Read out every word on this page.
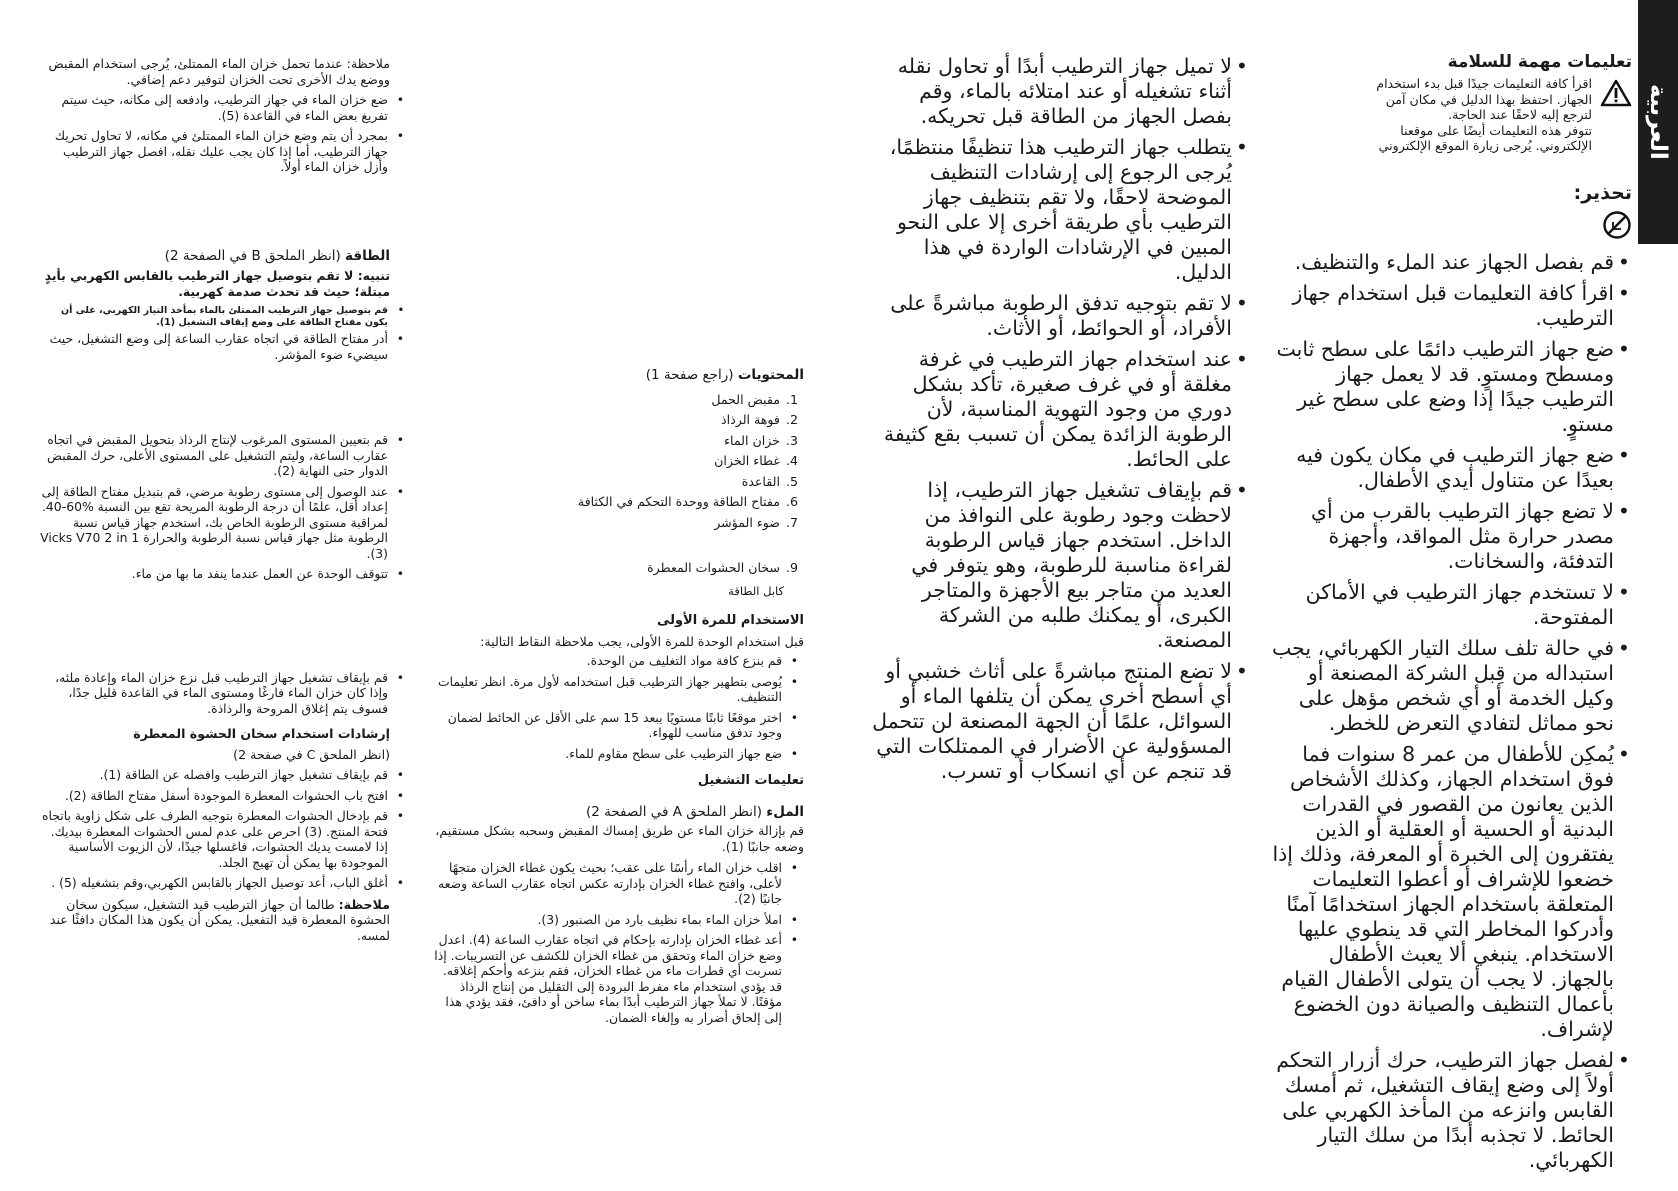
العربية
تعليمات مهمة للسلامة
اقرأ كافة التعليمات جيدًا قبل بدء استخدام
الجهاز. احتفظ بهذا الدليل في مكان آمن
لترجع إليه لاحقًا عند الحاجة.
تتوفر هذه التعليمات أيضًا على موقعنا
الإلكتروني. يُرجى زيارة الموقع الإلكتروني
تحذير:
• قم بفصل الجهاز عند الملء والتنظيف.
• اقرأ كافة التعليمات قبل استخدام جهاز الترطيب.
• ضع جهاز الترطيب دائمًا على سطح ثابت ومسطح ومستوٍ. قد لا يعمل جهاز الترطيب جيدًا إذا وضع على سطح غير مستوٍ.
• ضع جهاز الترطيب في مكان يكون فيه بعيدًا عن متناول أيدي الأطفال.
• لا تضع جهاز الترطيب بالقرب من أي مصدر حرارة مثل المواقد، وأجهزة التدفئة، والسخانات.
• لا تستخدم جهاز الترطيب في الأماكن المفتوحة.
• في حالة تلف سلك التيار الكهربائي، يجب استبداله من قِبل الشركة المصنعة أو وكيل الخدمة أو أي شخص مؤهل على نحو مماثل لتفادي التعرض للخطر.
• يُمكِن للأطفال من عمر 8 سنوات فما فوق استخدام الجهاز، وكذلك الأشخاص الذين يعانون من القصور في القدرات البدنية أو الحسية أو العقلية أو الذين يفتقرون إلى الخبرة أو المعرفة، وذلك إذا خضعوا للإشراف أو أعطوا التعليمات المتعلقة باستخدام الجهاز استخدامًا آمنًا وأدركوا المخاطر التي قد ينطوي عليها الاستخدام. ينبغي ألا يعبث الأطفال بالجهاز. لا يجب أن يتولى الأطفال القيام بأعمال التنظيف والصيانة دون الخضوع لإشراف.
• لفصل جهاز الترطيب، حرك أزرار التحكم أولاً إلى وضع إيقاف التشغيل، ثم أمسك القابس وانزعه من المأخذ الكهربي على الحائط. لا تجذبه أبدًا من سلك التيار الكهربائي.
• لا تميل جهاز الترطيب أبدًا أو تحاول نقله أثناء تشغيله أو عند امتلائه بالماء، وقم بفصل الجهاز من الطاقة قبل تحريكه.
• يتطلب جهاز الترطيب هذا تنظيفًا منتظمًا، يُرجى الرجوع إلى إرشادات التنظيف الموضحة لاحقًا، ولا تقم بتنظيف جهاز الترطيب بأي طريقة أخرى إلا على النحو المبين في الإرشادات الواردة في هذا الدليل.
• لا تقم بتوجيه تدفق الرطوبة مباشرةً على الأفراد، أو الحوائط، أو الأثاث.
• عند استخدام جهاز الترطيب في غرفة مغلقة أو في غرف صغيرة، تأكد بشكل دوري من وجود التهوية المناسبة، لأن الرطوبة الزائدة يمكن أن تسبب بقع كثيفة على الحائط.
• قم بإيقاف تشغيل جهاز الترطيب، إذا لاحظت وجود رطوبة على النوافذ من الداخل. استخدم جهاز قياس الرطوبة لقراءة مناسبة للرطوبة، وهو يتوفر في العديد من متاجر بيع الأجهزة والمتاجر الكبرى، أو يمكنك طلبه من الشركة المصنعة.
• لا تضع المنتج مباشرةً على أثاث خشبي أو أي أسطح أخرى يمكن أن يتلفها الماء أو السوائل، علمًا أن الجهة المصنعة لن تتحمل المسؤولية عن الأضرار في الممتلكات التي قد تنجم عن أي انسكاب أو تسرب.
المحتويات (راجع صفحة 1)
1.مقبض الحمل
2.فوهة الرذاذ
3.خزان الماء
4.غطاء الخزان
5.القاعدة
6.مفتاح الطاقة ووحدة التحكم في الكثافة
7.ضوء المؤشر
9.سخان الحشوات المعطرة
كابل الطاقة
الاستخدام للمرة الأولى
قبل استخدام الوحدة للمرة الأولى، يجب ملاحظة النقاط التالية:
• قم بنزع كافة مواد التغليف من الوحدة.
• يُوصى بتطهير جهاز الترطيب قبل استخدامه لأول مرة. انظر تعليمات التنظيف.
• اختر موقعًا ثابتًا مستويًا يبعد 15 سم على الأقل عن الحائط لضمان وجود تدفق مناسب للهواء.
• ضع جهاز الترطيب على سطح مقاوم للماء.
تعليمات التشغيل
الملء (انظر الملحق A في الصفحة 2)
قم بإزالة خزان الماء عن طريق إمساك المقبض وسحبه بشكل مستقيم، وضعه جانبًا (1).
• اقلب خزان الماء رأسًا على عقب؛ بحيث يكون غطاء الخزان متجهًا لأعلى، وافتح غطاء الخزان بإدارته عكس اتجاه عقارب الساعة وضعه جانبًا (2).
• املأ خزان الماء بماء نظيف بارد من الصنبور (3).
• أعد غطاء الخزان بإدارته بإحكام في اتجاه عقارب الساعة (4). اعدل وضع خزان الماء وتحقق من غطاء الخزان للكشف عن التسريبات. إذا تسربت أي قطرات ماء من غطاء الخزان، فقم بنزعه وأحكم إغلاقه. قد يؤدي استخدام ماء مفرط البرودة إلى التقليل من إنتاج الرذاذ مؤقتًا. لا تملأ جهاز الترطيب أبدًا بماء ساخن أو دافئ، فقد يؤدي هذا إلى إلحاق أضرار به وإلغاء الضمان.
ملاحظة: عندما تحمل خزان الماء الممتلئ، يُرجى استخدام المقبض ووضع يدك الأخرى تحت الخزان لتوفير دعم إضافي.
• ضع خزان الماء في جهاز الترطيب، وادفعه إلى مكانه، حيث سيتم تفريغ بعض الماء في القاعدة (5).
• بمجرد أن يتم وضع خزان الماء الممتلئ في مكانه، لا تحاول تحريك جهاز الترطيب، أما إذا كان يجب عليك نقله، افصل جهاز الترطيب وأزل خزان الماء أولاً.
الطاقة (انظر الملحق B في الصفحة 2)
تنبيه: لا تقم بتوصيل جهاز الترطيب بالقابس الكهربي بأيدٍ مبتلة؛ حيث قد تحدث صدمة كهربية.
• قم بتوصيل جهاز الترطيب الممتلئ بالماء بمأخذ التيار الكهربي، على أن يكون مفتاح الطاقة على وضع إيقاف التشغيل (1).
• أدر مفتاح الطاقة في اتجاه عقارب الساعة إلى وضع التشغيل، حيث سيضيء ضوء المؤشر.
• قم بتعيين المستوى المرغوب لإنتاج الرذاذ بتحويل المقبض في اتجاه عقارب الساعة، وليتم التشغيل على المستوى الأعلى، حرك المقبض الدوار حتى النهاية (2).
• عند الوصول إلى مستوى رطوبة مرضي، قم بتبديل مفتاح الطاقة إلى إعداد أقل، علمًا أن درجة الرطوبة المريحة تقع بين النسبة %60-40. لمراقبة مستوى الرطوبة الخاص بك، استخدم جهاز قياس نسبة الرطوبة مثل جهاز قياس نسبة الرطوبة والحرارة Vicks V70 2 in 1 (3).
• تتوقف الوحدة عن العمل عندما ينفد ما بها من ماء.
• قم بإيقاف تشغيل جهاز الترطيب قبل نزع خزان الماء وإعادة ملئه، وإذا كان خزان الماء فارغًا ومستوى الماء في القاعدة قليل جدًا، فسوف يتم إغلاق المروحة والرذاذة.
إرشادات استخدام سخان الحشوة المعطرة
(انظر الملحق C في صفحة 2)
• قم بإيقاف تشغيل جهاز الترطيب وافصله عن الطاقة (1).
• افتح باب الحشوات المعطرة الموجودة أسفل مفتاح الطاقة (2).
• قم بإدخال الحشوات المعطرة بتوجيه الطرف على شكل زاوية باتجاه فتحة المنتج. (3) احرص على عدم لمس الحشوات المعطرة بيديك. إذا لامست يديك الحشوات، فاغسلها جيدًا، لأن الزيوت الأساسية الموجودة بها يمكن أن تهيج الجلد.
• أغلق الباب، أعد توصيل الجهاز بالقابس الكهربي،وقم بتشغيله (5) .
ملاحظة: طالما أن جهاز الترطيب قيد التشغيل، سيكون سخان الحشوة المعطرة قيد التفعيل. يمكن أن يكون هذا المكان دافئًا عند لمسه.
